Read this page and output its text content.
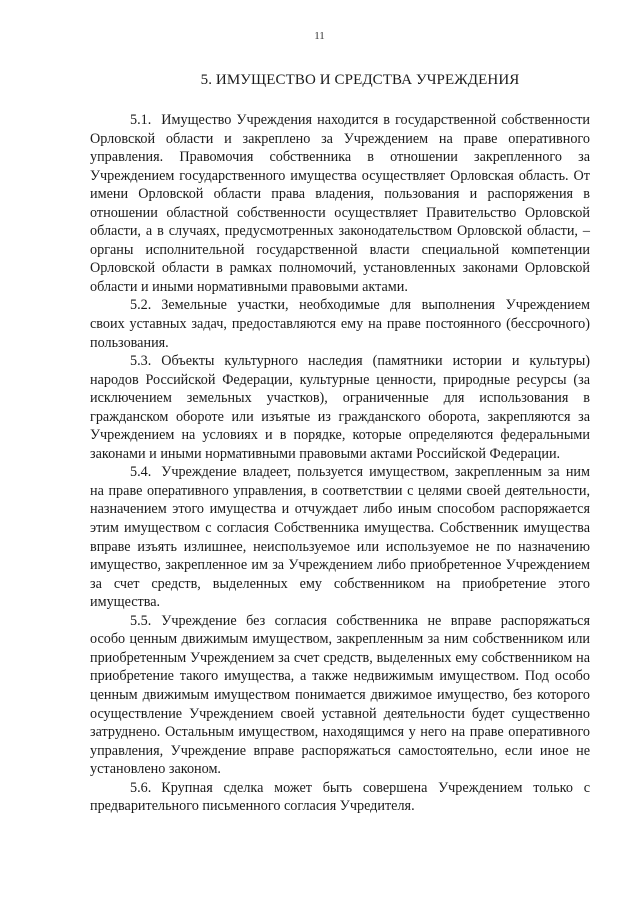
11
5. ИМУЩЕСТВО И СРЕДСТВА УЧРЕЖДЕНИЯ

5.1. Имущество Учреждения находится в государственной собственности Орловской области и закреплено за Учреждением на праве оперативного управления. Правомочия собственника в отношении закрепленного за Учреждением государственного имущества осуществляет Орловская область. От имени Орловской области права владения, пользования и распоряжения в отношении областной собственности осуществляет Правительство Орловской области, а в случаях, предусмотренных законодательством Орловской области, – органы исполнительной государственной власти специальной компетенции Орловской области в рамках полномочий, установленных законами Орловской области и иными нормативными правовыми актами.

5.2. Земельные участки, необходимые для выполнения Учреждением своих уставных задач, предоставляются ему на праве постоянного (бессрочного) пользования.

5.3. Объекты культурного наследия (памятники истории и культуры) народов Российской Федерации, культурные ценности, природные ресурсы (за исключением земельных участков), ограниченные для использования в гражданском обороте или изъятые из гражданского оборота, закрепляются за Учреждением на условиях и в порядке, которые определяются федеральными законами и иными нормативными правовыми актами Российской Федерации.

5.4. Учреждение владеет, пользуется имуществом, закрепленным за ним на праве оперативного управления, в соответствии с целями своей деятельности, назначением этого имущества и отчуждает либо иным способом распоряжается этим имуществом с согласия Собственника имущества. Собственник имущества вправе изъять излишнее, неиспользуемое или используемое не по назначению имущество, закрепленное им за Учреждением либо приобретенное Учреждением за счет средств, выделенных ему собственником на приобретение этого имущества.

5.5. Учреждение без согласия собственника не вправе распоряжаться особо ценным движимым имуществом, закрепленным за ним собственником или приобретенным Учреждением за счет средств, выделенных ему собственником на приобретение такого имущества, а также недвижимым имуществом. Под особо ценным движимым имуществом понимается движимое имущество, без которого осуществление Учреждением своей уставной деятельности будет существенно затруднено. Остальным имуществом, находящимся у него на праве оперативного управления, Учреждение вправе распоряжаться самостоятельно, если иное не установлено законом.

5.6. Крупная сделка может быть совершена Учреждением только с предварительного письменного согласия Учредителя.
